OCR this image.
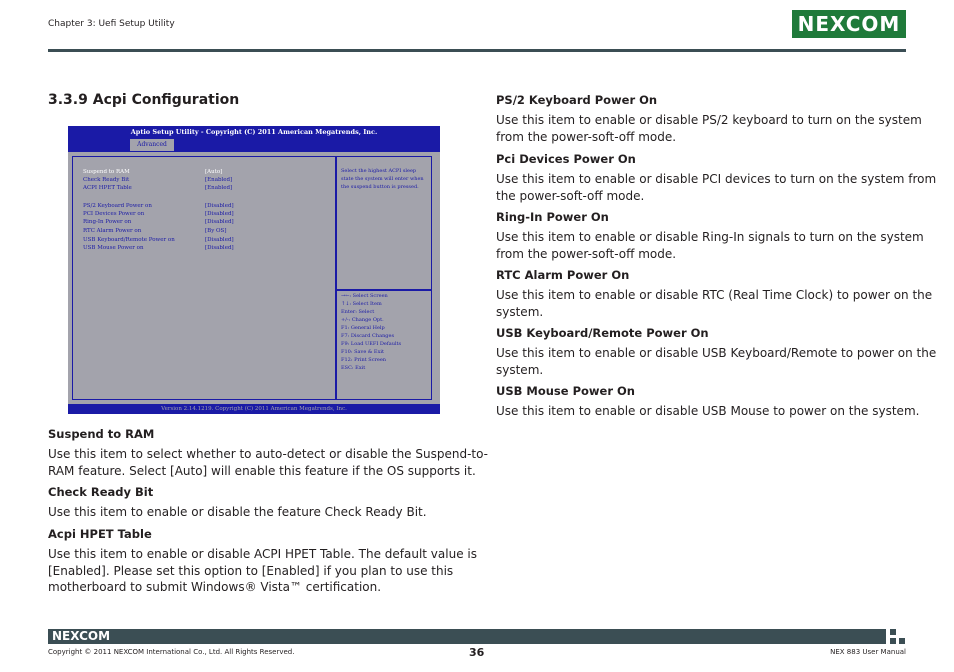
Chapter 3: Uefi Setup Utility	NEXCOM
3.3.9 Acpi Configuration
Aptio Setup Utility - Copyright (C) 2011 American Megatrends, Inc.
Advanced
Suspend to RAM	[Auto]
Check Ready Bit	[Enabled]
ACPI HPET Table	[Enabled]
PS/2 Keyboard Power on	[Disabled]
PCI Devices Power on	[Disabled]
Ring-In Power on	[Disabled]
RTC Alarm Power on	[By OS]
USB Keyboard/Remote Power on	[Disabled]
USB Mouse Power on	[Disabled]
Select the highest ACPI sleep state the system will enter when the suspend button is pressed.
→←: Select Screen
↑↓: Select Item
Enter: Select
+/-: Change Opt.
F1: General Help
F7: Discard Changes
F9: Load UEFI Defaults
F10: Save & Exit
F12: Print Screen
ESC: Exit
Version 2.14.1219. Copyright (C) 2011 American Megatrends, Inc.
Suspend to RAM
Use this item to select whether to auto-detect or disable the Suspend-to-
RAM feature. Select [Auto] will enable this feature if the OS supports it.
Check Ready Bit
Use this item to enable or disable the feature Check Ready Bit.
Acpi HPET Table
Use this item to enable or disable ACPI HPET Table. The default value is
[Enabled]. Please set this option to [Enabled] if you plan to use this
motherboard to submit Windows® Vista™ certification.
PS/2 Keyboard Power On
Use this item to enable or disable PS/2 keyboard to turn on the system
from the power-soft-off mode.
Pci Devices Power On
Use this item to enable or disable PCI devices to turn on the system from
the power-soft-off mode.
Ring-In Power On
Use this item to enable or disable Ring-In signals to turn on the system
from the power-soft-off mode.
RTC Alarm Power On
Use this item to enable or disable RTC (Real Time Clock) to power on the
system.
USB Keyboard/Remote Power On
Use this item to enable or disable USB Keyboard/Remote to power on the
system.
USB Mouse Power On
Use this item to enable or disable USB Mouse to power on the system.
NEXCOM
Copyright © 2011 NEXCOM International Co., Ltd. All Rights Reserved.	36	NEX 883 User Manual
